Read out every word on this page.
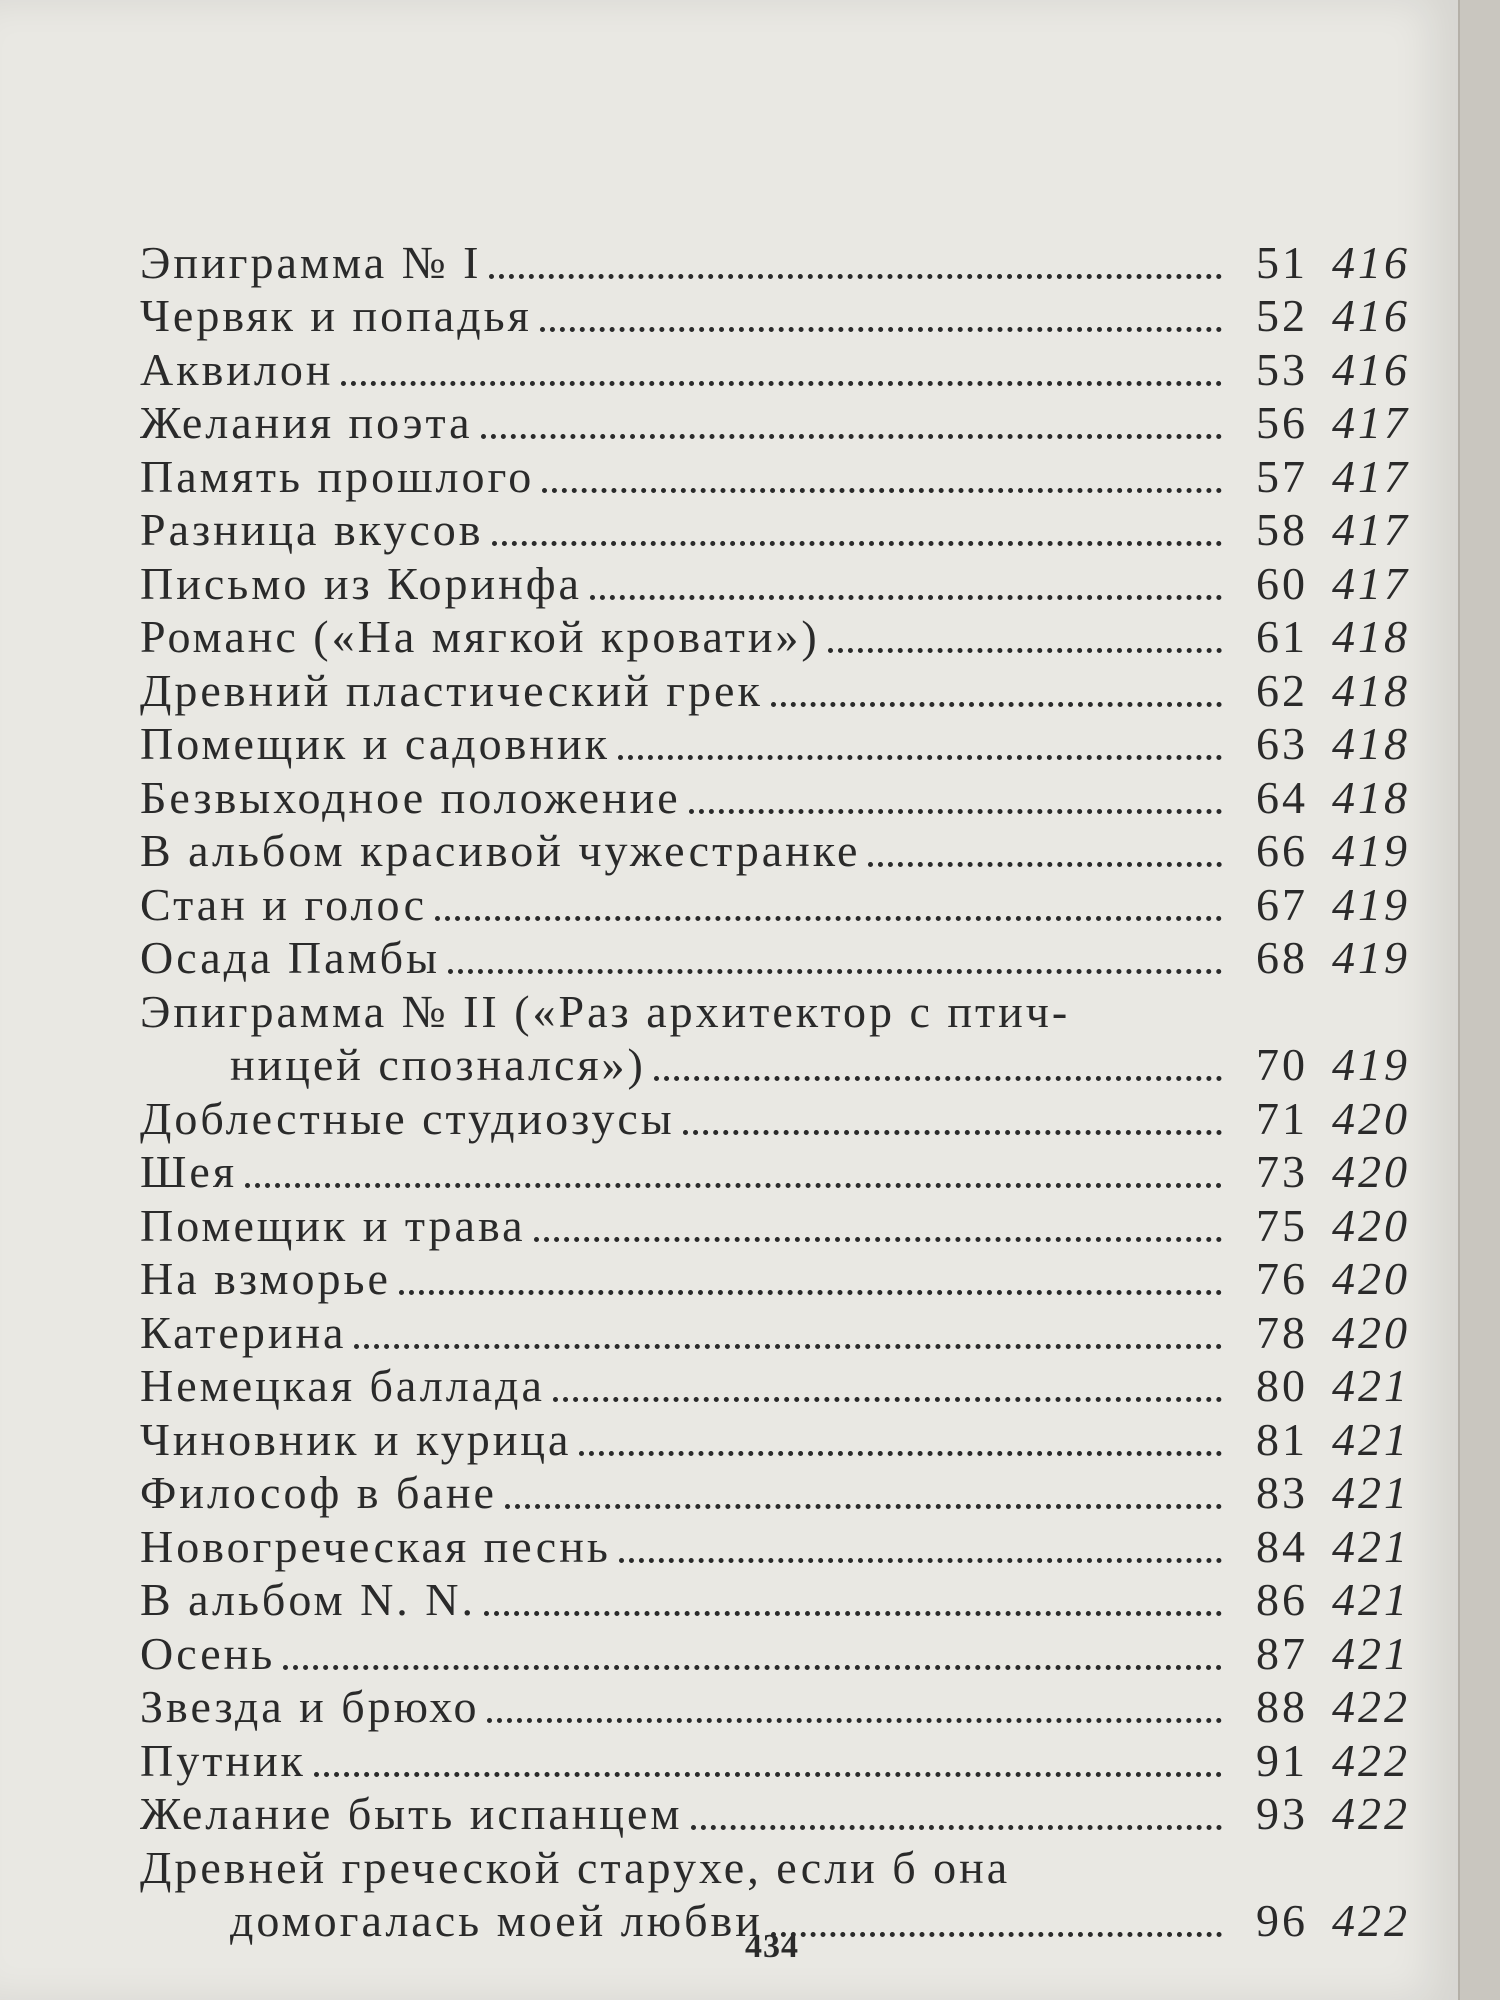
Эпиграмма № I	51 416
Червяк и попадья	52 416
Аквилон	53 416
Желания поэта	56 417
Память прошлого	57 417
Разница вкусов	58 417
Письмо из Коринфа	60 417
Романс («На мягкой кровати»)	61 418
Древний пластический грек	62 418
Помещик и садовник	63 418
Безвыходное положение	64 418
В альбом красивой чужестранке	66 419
Стан и голос	67 419
Осада Памбы	68 419
Эпиграмма № II («Раз архитектор с птич-
ницей спознался»)	70 419
Доблестные студиозусы	71 420
Шея	73 420
Помещик и трава	75 420
На взморье	76 420
Катерина	78 420
Немецкая баллада	80 421
Чиновник и курица	81 421
Философ в бане	83 421
Новогреческая песнь	84 421
В альбом N. N.	86 421
Осень	87 421
Звезда и брюхо	88 422
Путник	91 422
Желание быть испанцем	93 422
Древней греческой старухе, если б она
домогалась моей любви	96 422
434
